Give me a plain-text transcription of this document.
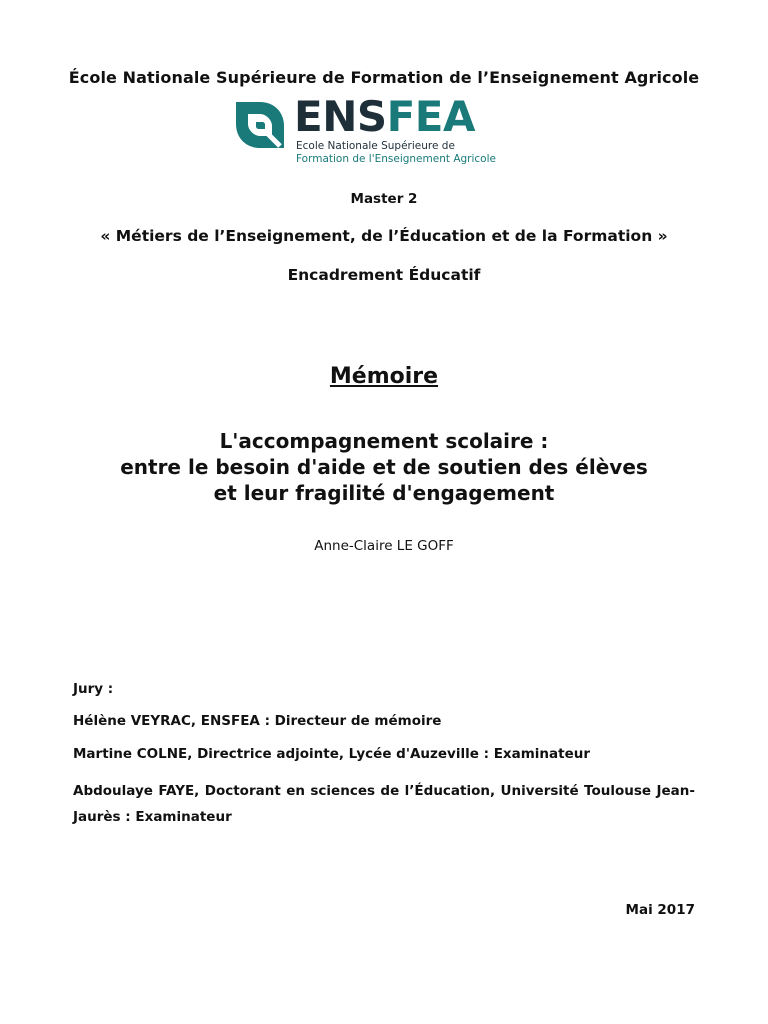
École Nationale Supérieure de Formation de l’Enseignement Agricole
ENSFEA
Ecole Nationale Supérieure de
Formation de l'Enseignement Agricole
Master 2
« Métiers de l’Enseignement, de l’Éducation et de la Formation »
Encadrement Éducatif
Mémoire
L'accompagnement scolaire :
entre le besoin d'aide et de soutien des élèves
et leur fragilité d'engagement
Anne-Claire LE GOFF
Jury :
Hélène VEYRAC, ENSFEA : Directeur de mémoire
Martine COLNE, Directrice adjointe, Lycée d'Auzeville : Examinateur
Abdoulaye FAYE, Doctorant en sciences de l’Éducation, Université Toulouse Jean-Jaurès : Examinateur
Mai 2017
